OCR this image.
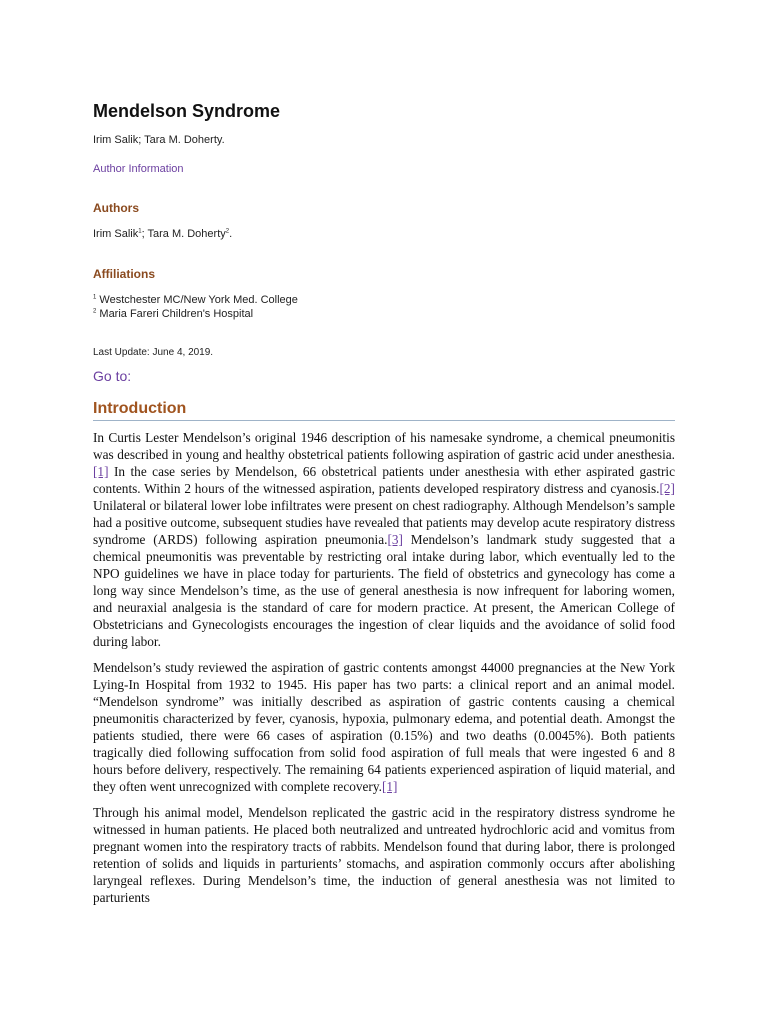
Mendelson Syndrome
Irim Salik; Tara M. Doherty.
Author Information
Authors
Irim Salik$^1$; Tara M. Doherty$^2$.
Affiliations
$^1$ Westchester MC/New York Med. College
$^2$ Maria Fareri Children's Hospital
Last Update: June 4, 2019.
Go to:
Introduction

In Curtis Lester Mendelson’s original 1946 description of his namesake syndrome, a chemical pneumonitis was described in young and healthy obstetrical patients following aspiration of gastric acid under anesthesia.[1] In the case series by Mendelson, 66 obstetrical patients under anesthesia with ether aspirated gastric contents. Within 2 hours of the witnessed aspiration, patients developed respiratory distress and cyanosis.[2] Unilateral or bilateral lower lobe infiltrates were present on chest radiography. Although Mendelson’s sample had a positive outcome, subsequent studies have revealed that patients may develop acute respiratory distress syndrome (ARDS) following aspiration pneumonia.[3] Mendelson’s landmark study suggested that a chemical pneumonitis was preventable by restricting oral intake during labor, which eventually led to the NPO guidelines we have in place today for parturients. The field of obstetrics and gynecology has come a long way since Mendelson’s time, as the use of general anesthesia is now infrequent for laboring women, and neuraxial analgesia is the standard of care for modern practice. At present, the American College of Obstetricians and Gynecologists encourages the ingestion of clear liquids and the avoidance of solid food during labor.

Mendelson’s study reviewed the aspiration of gastric contents amongst 44000 pregnancies at the New York Lying-In Hospital from 1932 to 1945. His paper has two parts: a clinical report and an animal model. “Mendelson syndrome” was initially described as aspiration of gastric contents causing a chemical pneumonitis characterized by fever, cyanosis, hypoxia, pulmonary edema, and potential death. Amongst the patients studied, there were 66 cases of aspiration (0.15%) and two deaths (0.0045%). Both patients tragically died following suffocation from solid food aspiration of full meals that were ingested 6 and 8 hours before delivery, respectively. The remaining 64 patients experienced aspiration of liquid material, and they often went unrecognized with complete recovery.[1]

Through his animal model, Mendelson replicated the gastric acid in the respiratory distress syndrome he witnessed in human patients. He placed both neutralized and untreated hydrochloric acid and vomitus from pregnant women into the respiratory tracts of rabbits. Mendelson found that during labor, there is prolonged retention of solids and liquids in parturients’ stomachs, and aspiration commonly occurs after abolishing laryngeal reflexes. During Mendelson’s time, the induction of general anesthesia was not limited to parturients
